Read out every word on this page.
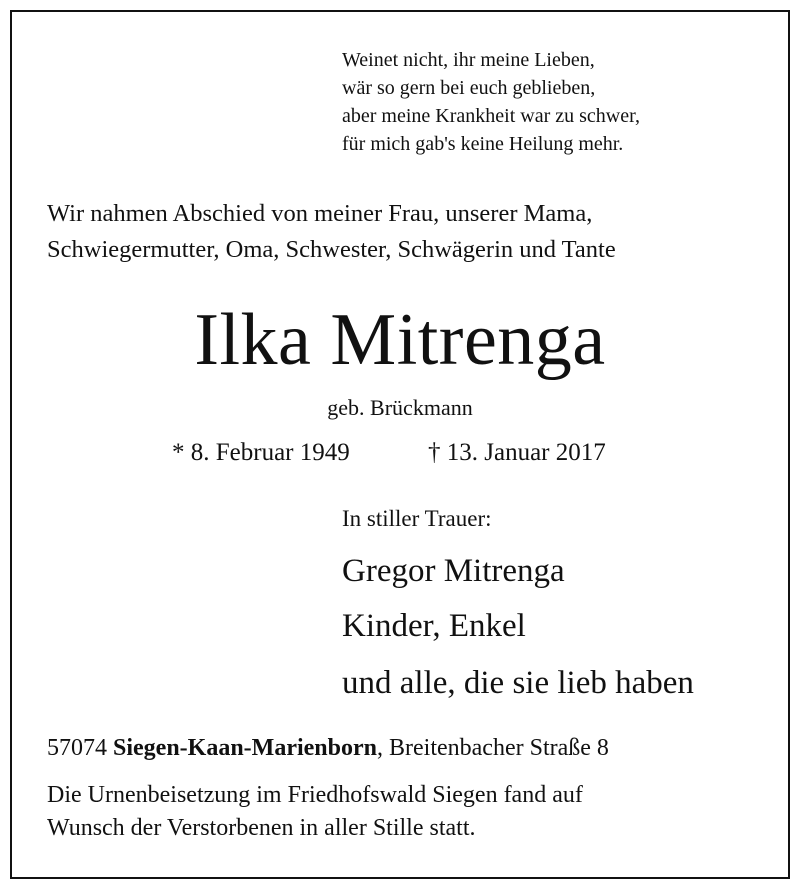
Weinet nicht, ihr meine Lieben,
wär so gern bei euch geblieben,
aber meine Krankheit war zu schwer,
für mich gab's keine Heilung mehr.
Wir nahmen Abschied von meiner Frau, unserer Mama,
Schwiegermutter, Oma, Schwester, Schwägerin und Tante
Ilka Mitrenga
geb. Brückmann
* 8. Februar 1949	† 13. Januar 2017
In stiller Trauer:
Gregor Mitrenga
Kinder, Enkel
und alle, die sie lieb haben
57074 Siegen-Kaan-Marienborn, Breitenbacher Straße 8
Die Urnenbeisetzung im Friedhofswald Siegen fand auf
Wunsch der Verstorbenen in aller Stille statt.
